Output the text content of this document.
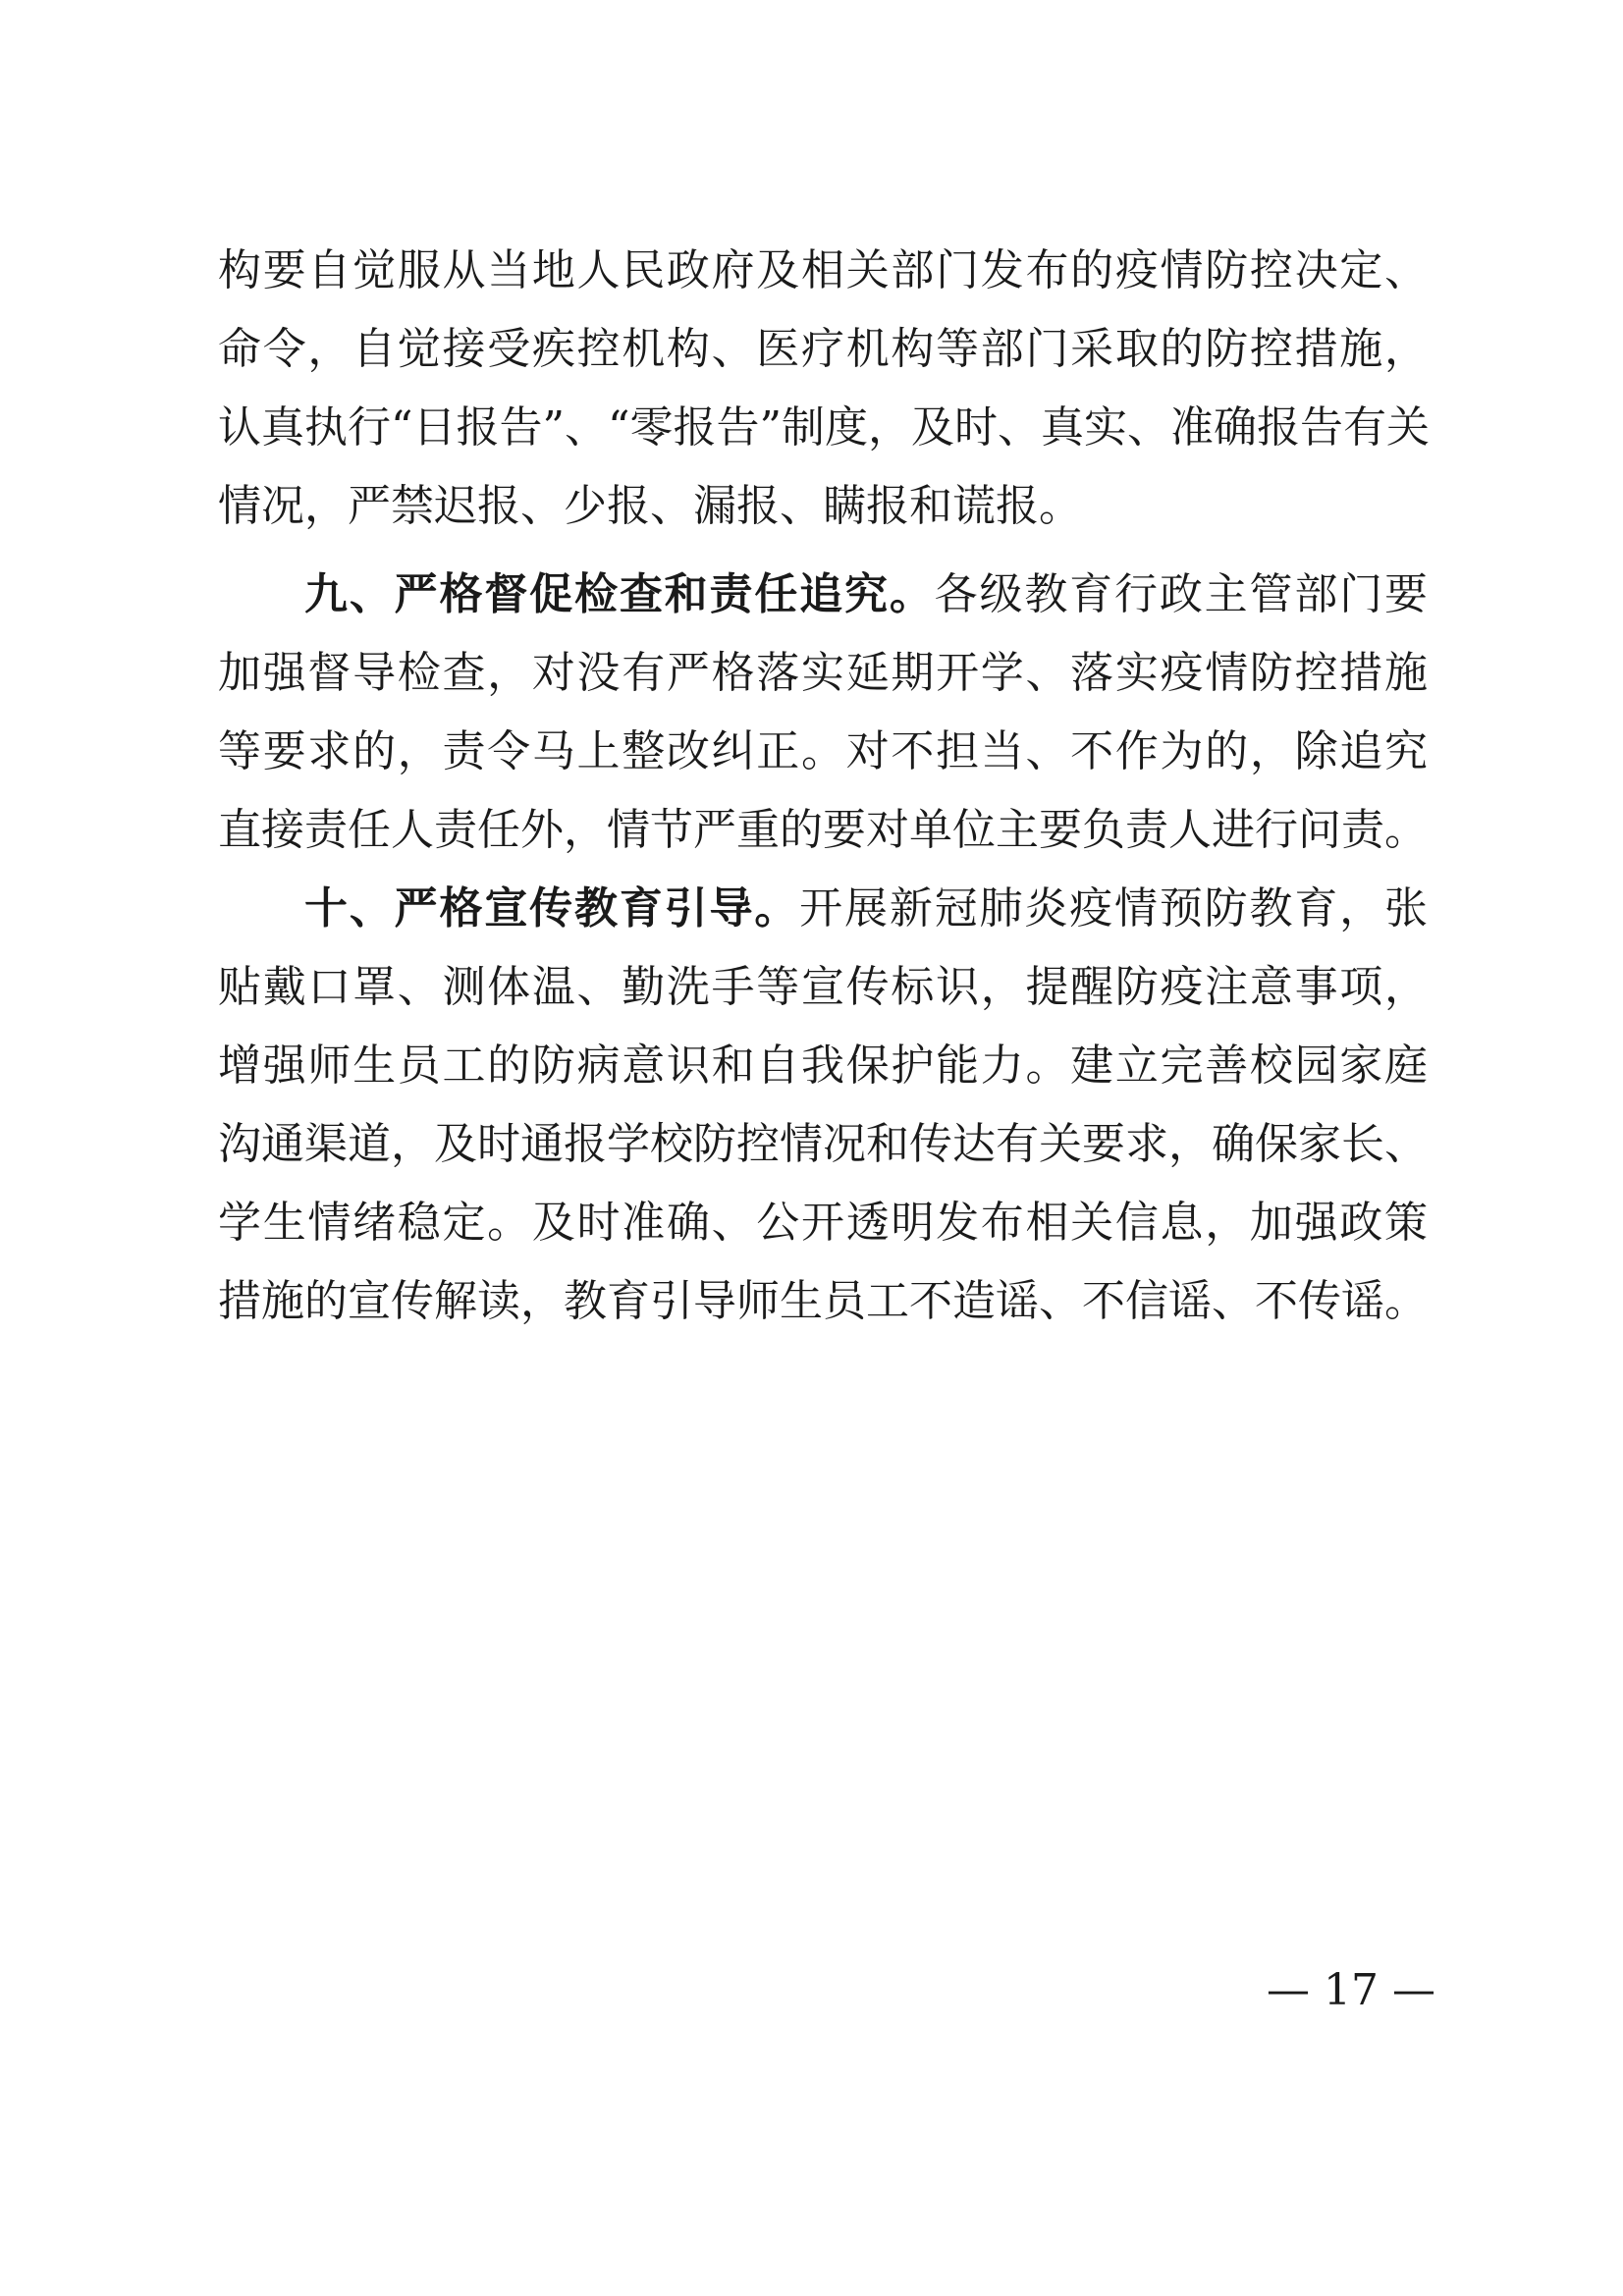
构要自觉服从当地人民政府及相关部门发布的疫情防控决定、
命令，自觉接受疾控机构、医疗机构等部门采取的防控措施，
认真执行“日报告”、“零报告”制度，及时、真实、准确报告有关
情况，严禁迟报、少报、漏报、瞒报和谎报。
九、严格督促检查和责任追究。各级教育行政主管部门要
加强督导检查，对没有严格落实延期开学、落实疫情防控措施
等要求的，责令马上整改纠正。对不担当、不作为的，除追究
直接责任人责任外，情节严重的要对单位主要负责人进行问责。
十、严格宣传教育引导。开展新冠肺炎疫情预防教育，张
贴戴口罩、测体温、勤洗手等宣传标识，提醒防疫注意事项，
增强师生员工的防病意识和自我保护能力。建立完善校园家庭
沟通渠道，及时通报学校防控情况和传达有关要求，确保家长、
学生情绪稳定。及时准确、公开透明发布相关信息，加强政策
措施的宣传解读，教育引导师生员工不造谣、不信谣、不传谣。
— 17 —
